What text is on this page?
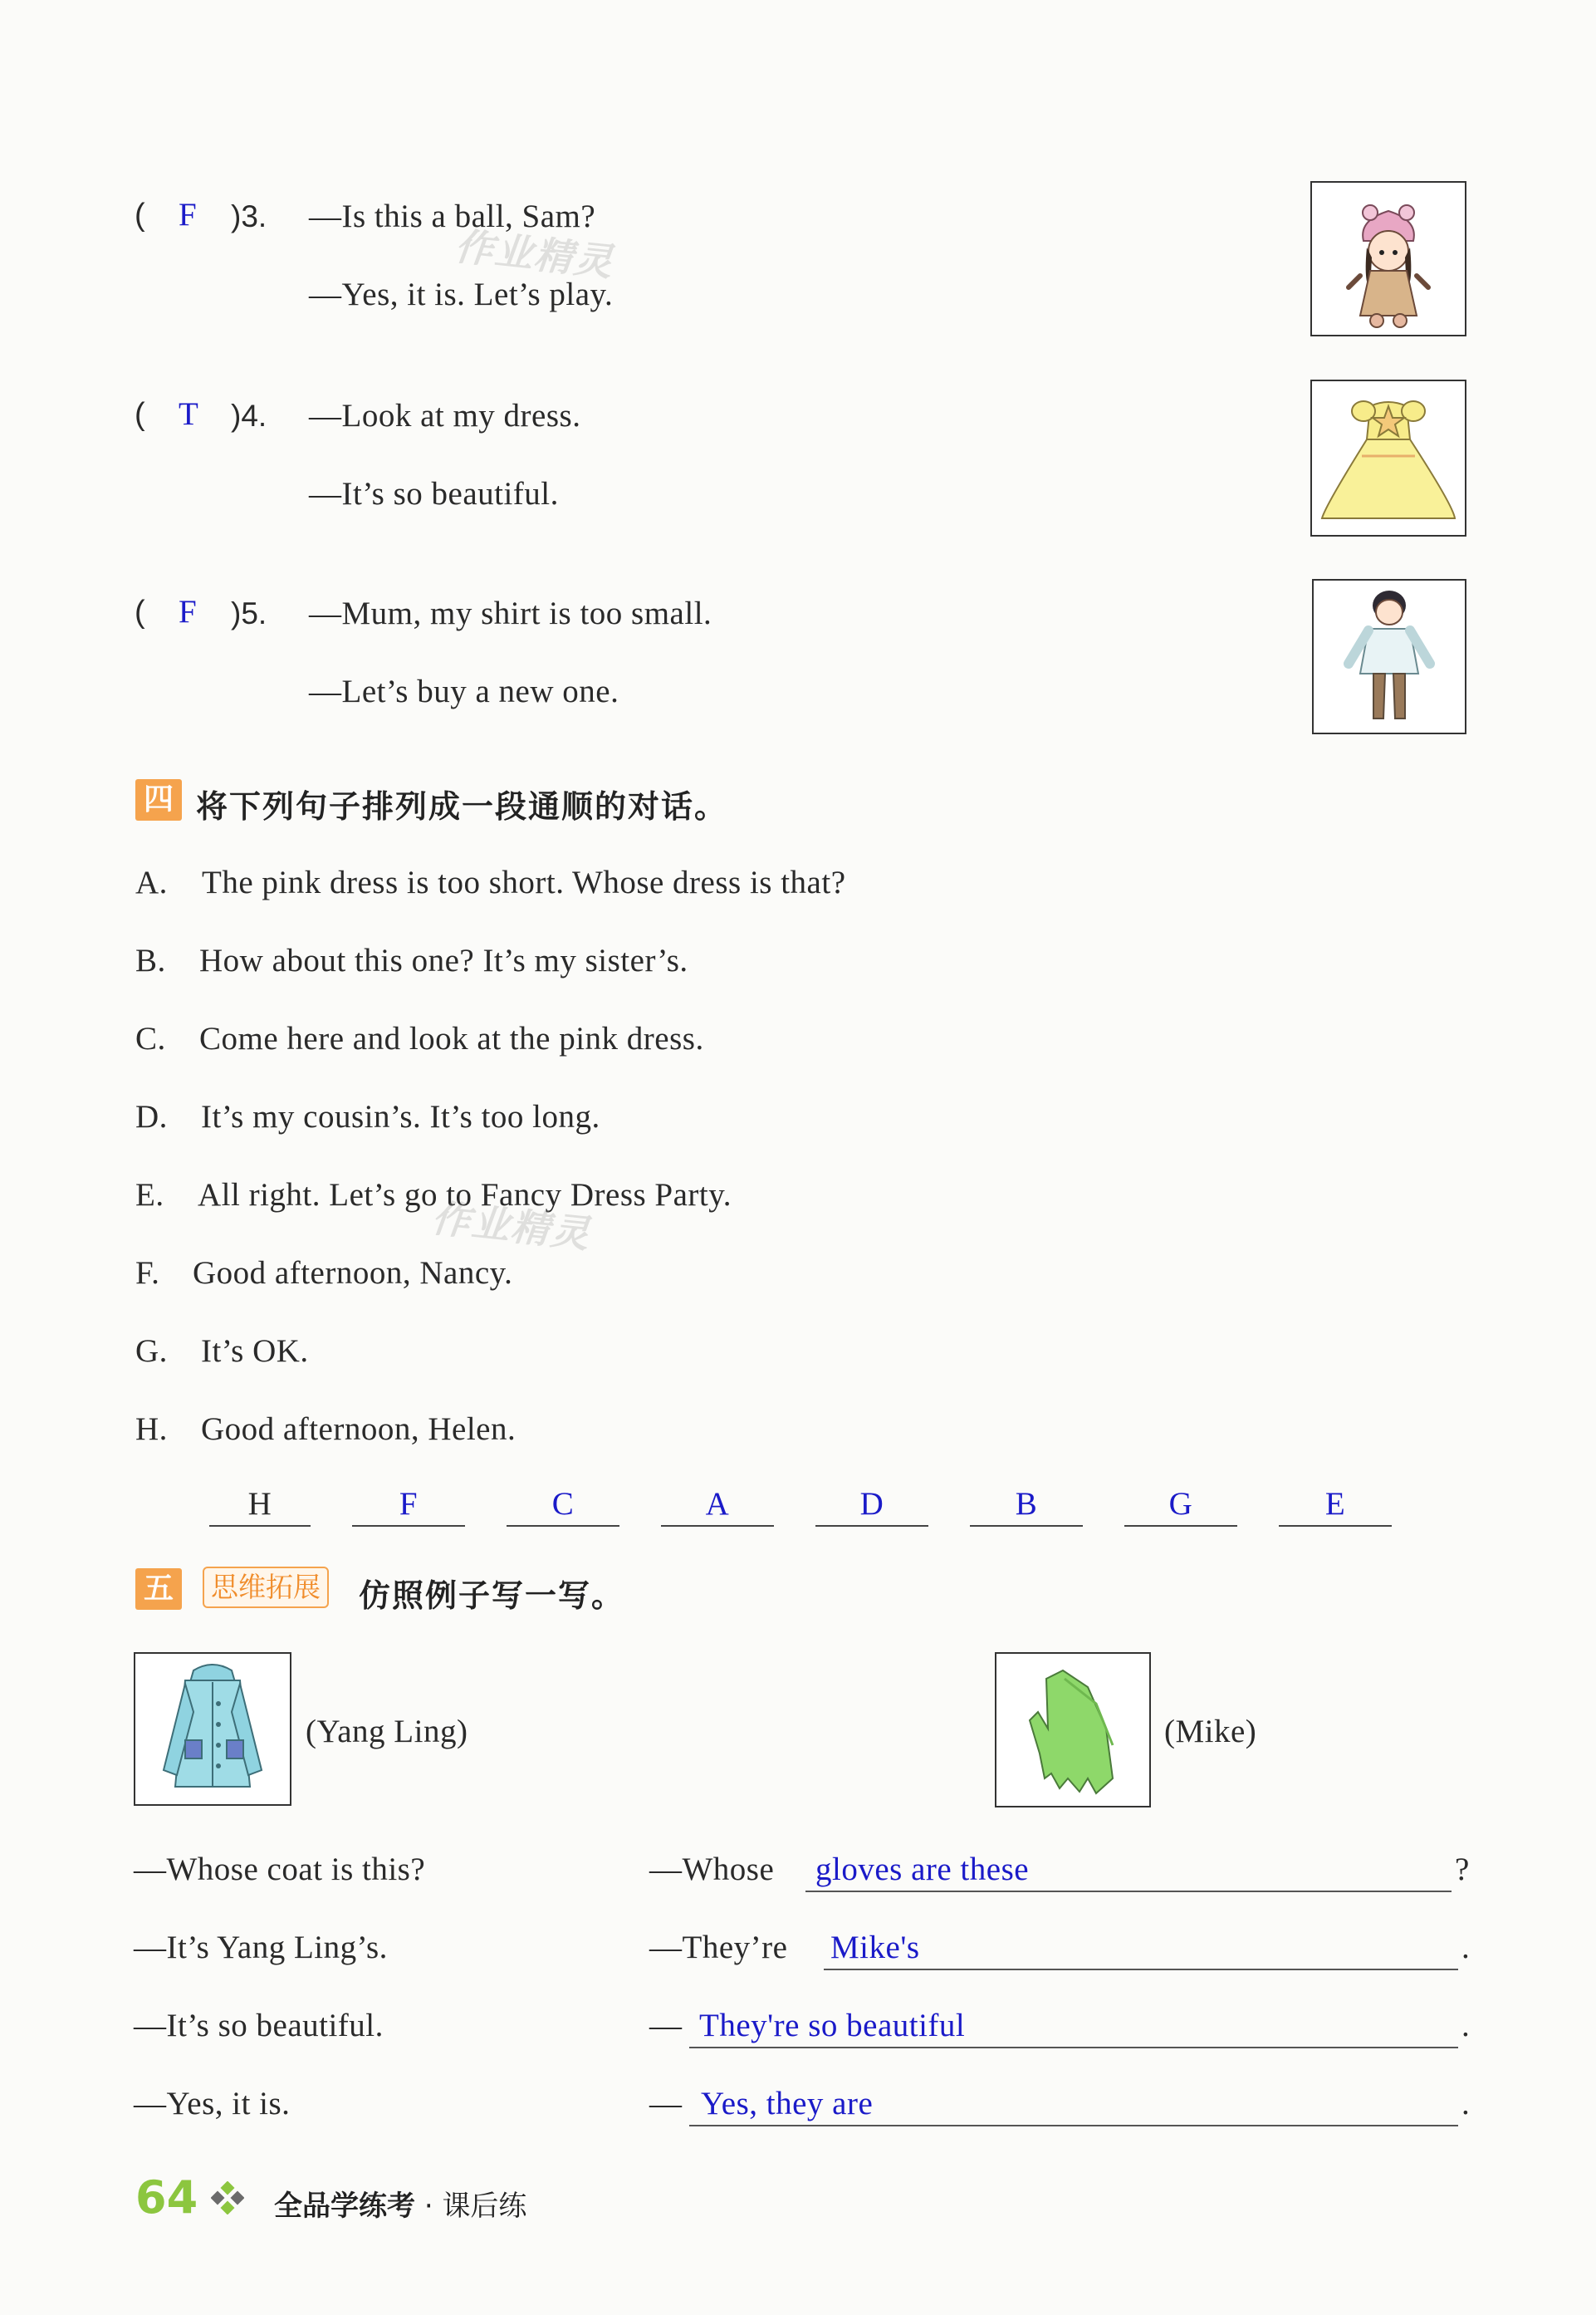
( F )3. —Is this a ball, Sam?
—Yes, it is. Let’s play.
( T )4. —Look at my dress.
—It’s so beautiful.
( F )5. —Mum, my shirt is too small.
—Let’s buy a new one.
作业精灵
四 将下列句子排列成一段通顺的对话。
A. The pink dress is too short. Whose dress is that?
B. How about this one? It’s my sister’s.
C. Come here and look at the pink dress.
D. It’s my cousin’s. It’s too long.
E. All right. Let’s go to Fancy Dress Party.
F. Good afternoon, Nancy.
G. It’s OK.
H. Good afternoon, Helen.
作业精灵
H	F	C	A	D	B	G	E
五	思维拓展 仿照例子写一写。
(Yang Ling)	(Mike)
—Whose coat is this?
—It’s Yang Ling’s.
—It’s so beautiful.
—Yes, it is.
—Whose gloves are these	?
—They’re Mike's	.
— They're so beautiful	.
— Yes, they are	.
64	全品学练考 · 课后练
